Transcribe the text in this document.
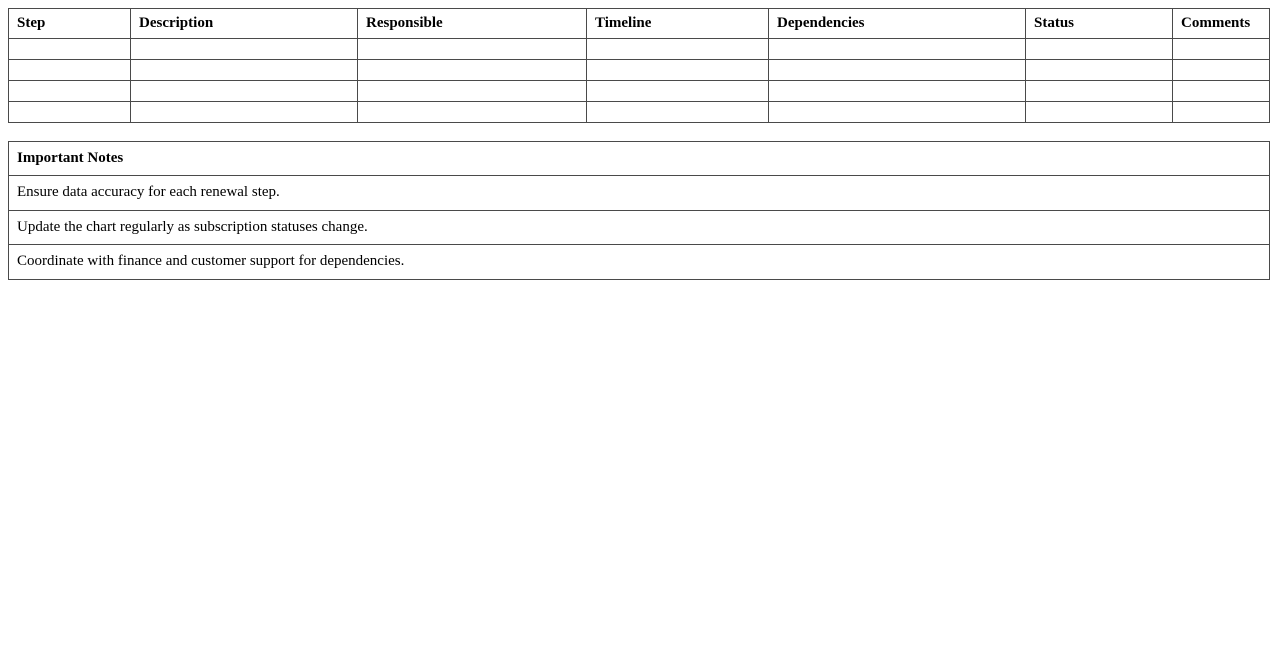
Step	Description	Responsible	Timeline	Dependencies	Status	Comments

Important Notes
Ensure data accuracy for each renewal step.
Update the chart regularly as subscription statuses change.
Coordinate with finance and customer support for dependencies.
